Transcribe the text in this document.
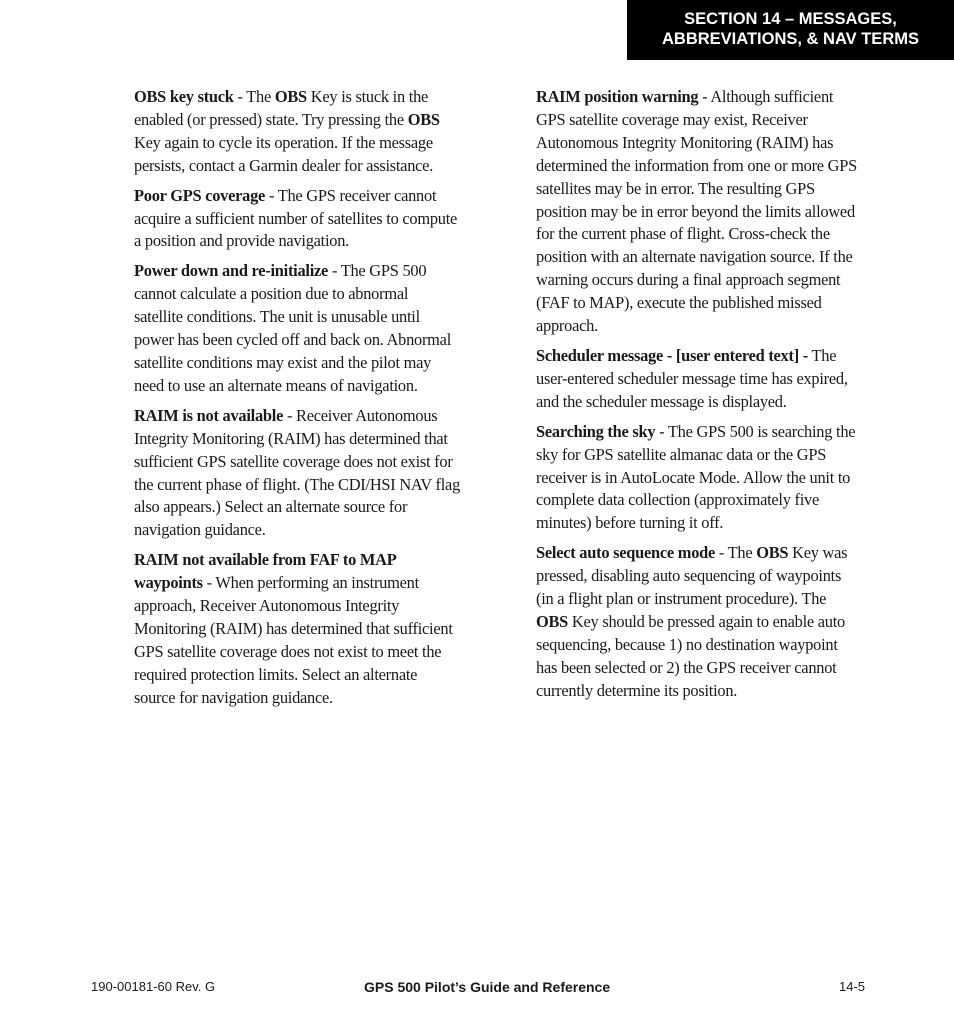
SECTION 14 – MESSAGES,
ABBREVIATIONS, & NAV TERMS

OBS key stuck - The OBS Key is stuck in the enabled (or pressed) state. Try pressing the OBS Key again to cycle its operation. If the message persists, contact a Garmin dealer for assistance.

Poor GPS coverage - The GPS receiver cannot acquire a sufficient number of satellites to compute a position and provide navigation.

Power down and re-initialize - The GPS 500 cannot calculate a position due to abnormal satellite conditions. The unit is unusable until power has been cycled off and back on. Abnormal satellite conditions may exist and the pilot may need to use an alternate means of navigation.

RAIM is not available - Receiver Autonomous Integrity Monitoring (RAIM) has determined that sufficient GPS satellite coverage does not exist for the current phase of flight. (The CDI/HSI NAV flag also appears.) Select an alternate source for navigation guidance.

RAIM not available from FAF to MAP waypoints - When performing an instrument approach, Receiver Autonomous Integrity Monitoring (RAIM) has determined that sufficient GPS satellite coverage does not exist to meet the required protection limits. Select an alternate source for navigation guidance.

RAIM position warning - Although sufficient GPS satellite coverage may exist, Receiver Autonomous Integrity Monitoring (RAIM) has determined the information from one or more GPS satellites may be in error. The resulting GPS position may be in error beyond the limits allowed for the current phase of flight. Cross-check the position with an alternate navigation source. If the warning occurs during a final approach segment (FAF to MAP), execute the published missed approach.

Scheduler message - [user entered text] - The user-entered scheduler message time has expired, and the scheduler message is displayed.

Searching the sky - The GPS 500 is searching the sky for GPS satellite almanac data or the GPS receiver is in AutoLocate Mode. Allow the unit to complete data collection (approximately five minutes) before turning it off.

Select auto sequence mode - The OBS Key was pressed, disabling auto sequencing of waypoints (in a flight plan or instrument procedure). The OBS Key should be pressed again to enable auto sequencing, because 1) no destination waypoint has been selected or 2) the GPS receiver cannot currently determine its position.

190-00181-60 Rev. G	GPS 500 Pilot’s Guide and Reference	14-5
